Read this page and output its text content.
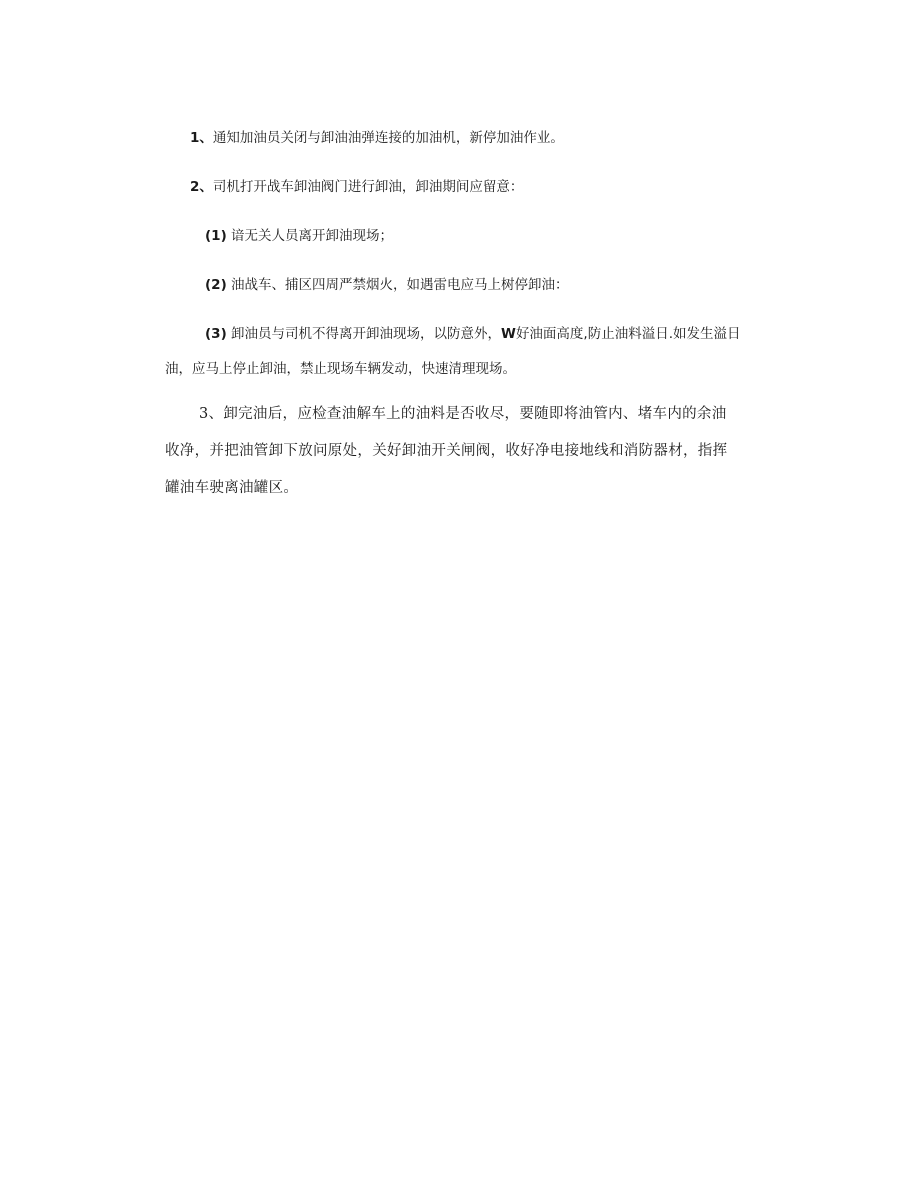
1、通知加油员关闭与卸油油弹连接的加油机，新停加油作业。

2、司机打开战车卸油阀门进行卸油，卸油期间应留意：

(1) 谙无关人员离开卸油现场；

(2) 油战车、捕区四周严禁烟火，如遇雷电应马上树停卸油：

(3) 卸油员与司机不得离开卸油现场，以防意外，W好油面高度,防止油料溢日.如发生溢日

油，应马上停止卸油，禁止现场车辆发动，快速清理现场。

3、卸完油后，应检查油解车上的油料是否收尽，要随即将油管内、堵车内的余油

收净，并把油管卸下放问原处，关好卸油开关闸阀，收好净电接地线和消防器材，指挥

罐油车驶离油罐区。
